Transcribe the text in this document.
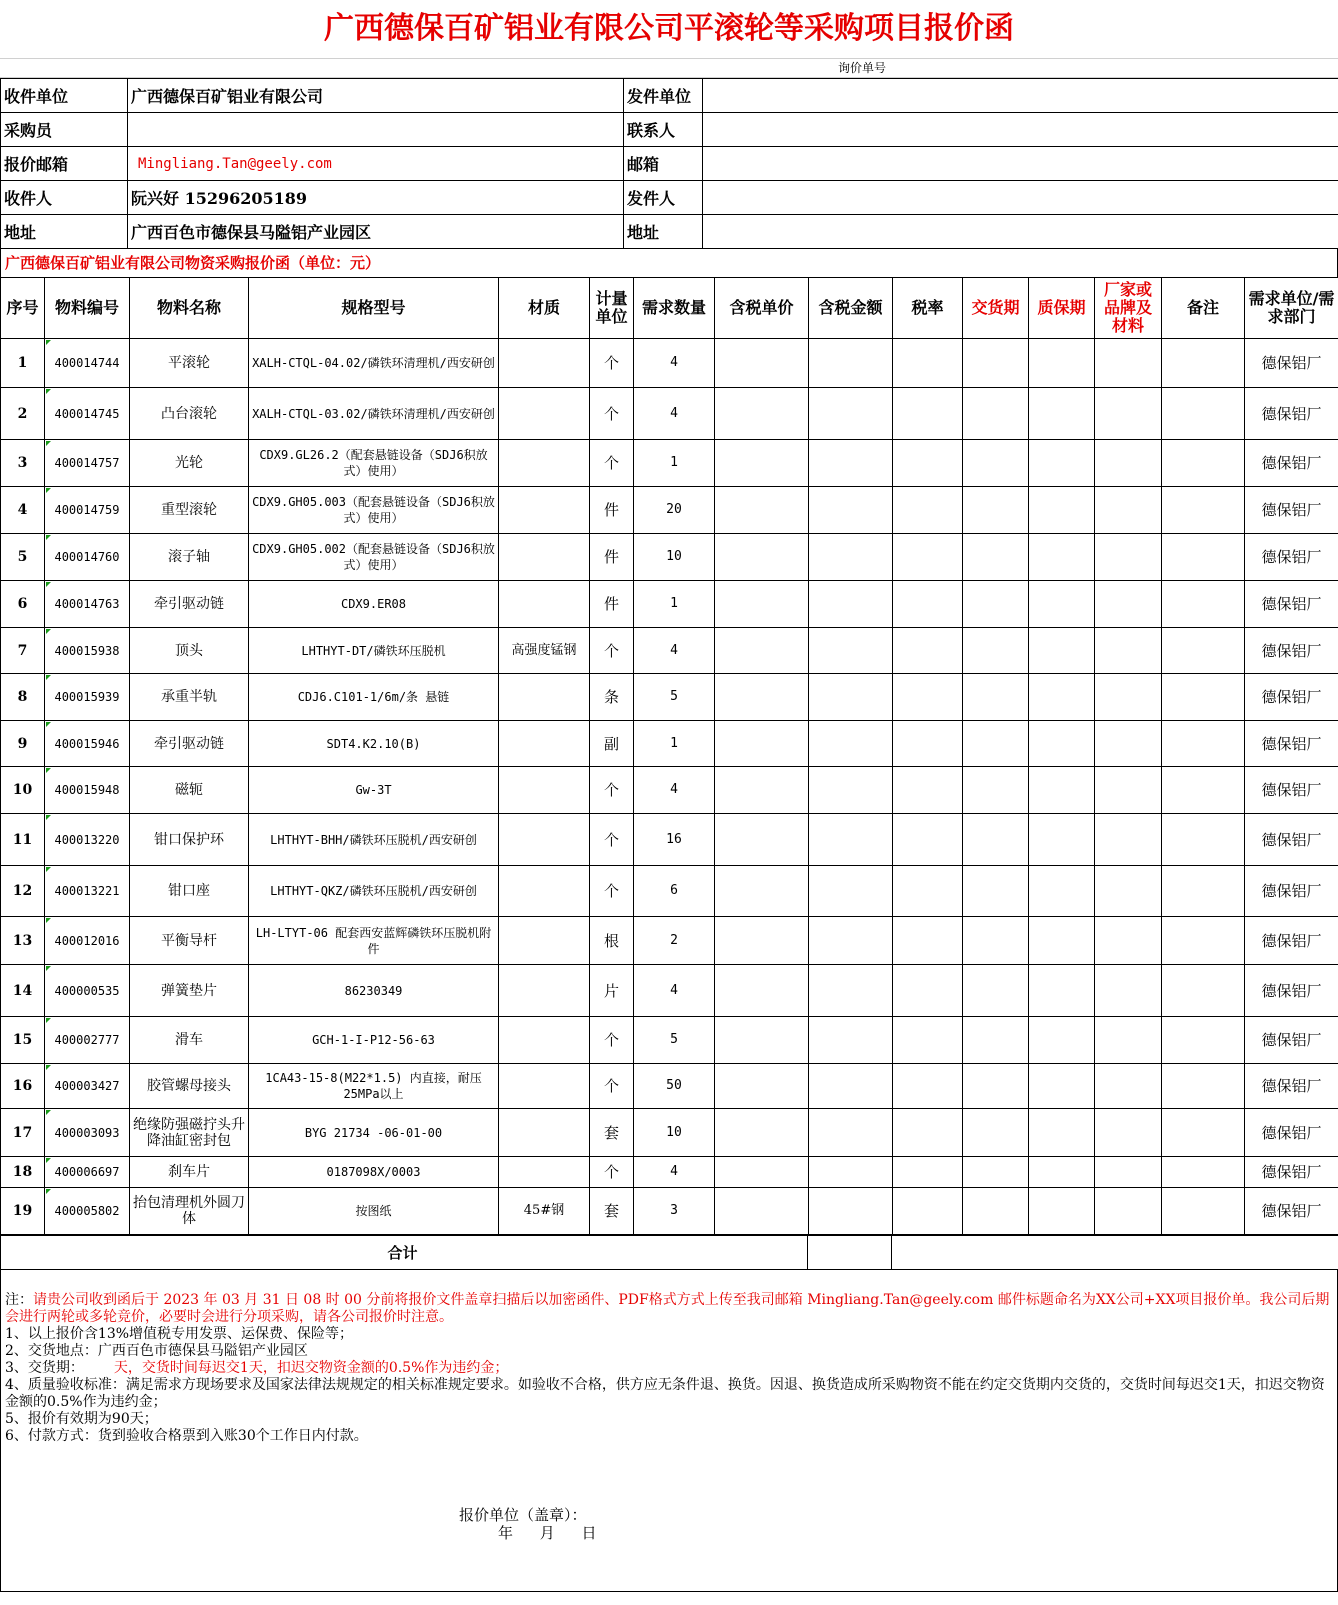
广西德保百矿铝业有限公司平滚轮等采购项目报价函
询价单号
收件单位	广西德保百矿铝业有限公司	发件单位	
采购员		联系人	
报价邮箱	Mingliang.Tan@geely.com	邮箱	
收件人	阮兴好 15296205189	发件人	
地址	广西百色市德保县马隘铝产业园区	地址	
广西德保百矿铝业有限公司物资采购报价函（单位：元）
序号	物料编号	物料名称	规格型号	材质	计量单位	需求数量	含税单价	含税金额	税率	交货期	质保期	厂家或品牌及材料	备注	需求单位/需求部门
1	400014744	平滚轮	XALH-CTQL-04.02/磷铁环清理机/西安研创		个	4								德保铝厂
2	400014745	凸台滚轮	XALH-CTQL-03.02/磷铁环清理机/西安研创		个	4								德保铝厂
3	400014757	光轮	CDX9.GL26.2（配套悬链设备（SDJ6积放式）使用）		个	1								德保铝厂
4	400014759	重型滚轮	CDX9.GH05.003（配套悬链设备（SDJ6积放式）使用）		件	20								德保铝厂
5	400014760	滚子轴	CDX9.GH05.002（配套悬链设备（SDJ6积放式）使用）		件	10								德保铝厂
6	400014763	牵引驱动链	CDX9.ER08		件	1								德保铝厂
7	400015938	顶头	LHTHYT-DT/磷铁环压脱机	高强度锰钢	个	4								德保铝厂
8	400015939	承重半轨	CDJ6.C101-1/6m/条 悬链		条	5								德保铝厂
9	400015946	牵引驱动链	SDT4.K2.10(B)		副	1								德保铝厂
10	400015948	磁轭	Gw-3T		个	4								德保铝厂
11	400013220	钳口保护环	LHTHYT-BHH/磷铁环压脱机/西安研创		个	16								德保铝厂
12	400013221	钳口座	LHTHYT-QKZ/磷铁环压脱机/西安研创		个	6								德保铝厂
13	400012016	平衡导杆	LH-LTYT-06 配套西安蓝辉磷铁环压脱机附件		根	2								德保铝厂
14	400000535	弹簧垫片	86230349		片	4								德保铝厂
15	400002777	滑车	GCH-1-I-P12-56-63		个	5								德保铝厂
16	400003427	胶管螺母接头	1CA43-15-8(M22*1.5) 内直接，耐压25MPa以上		个	50								德保铝厂
17	400003093	绝缘防强磁拧头升降油缸密封包	BYG 21734 -06-01-00		套	10								德保铝厂
18	400006697	刹车片	0187098X/0003		个	4								德保铝厂
19	400005802	抬包清理机外圆刀体	按图纸	45#钢	套	3								德保铝厂
合计		
注：请贵公司收到函后于 2023 年 03 月 31 日 08 时 00 分前将报价文件盖章扫描后以加密函件、PDF格式方式上传至我司邮箱 Mingliang.Tan@geely.com 邮件标题命名为XX公司+XX项目报价单。我公司后期会进行两轮或多轮竞价，必要时会进行分项采购，请各公司报价时注意。
1、以上报价含13%增值税专用发票、运保费、保险等；
2、交货地点：广西百色市德保县马隘铝产业园区
3、交货期： 天，交货时间每迟交1天，扣迟交物资金额的0.5%作为违约金；
4、质量验收标准：满足需求方现场要求及国家法律法规规定的相关标准规定要求。如验收不合格，供方应无条件退、换货。因退、换货造成所采购物资不能在约定交货期内交货的，交货时间每迟交1天，扣迟交物资金额的0.5%作为违约金；
5、报价有效期为90天；
6、付款方式：货到验收合格票到入账30个工作日内付款。
报价单位（盖章）：
年 月 日
